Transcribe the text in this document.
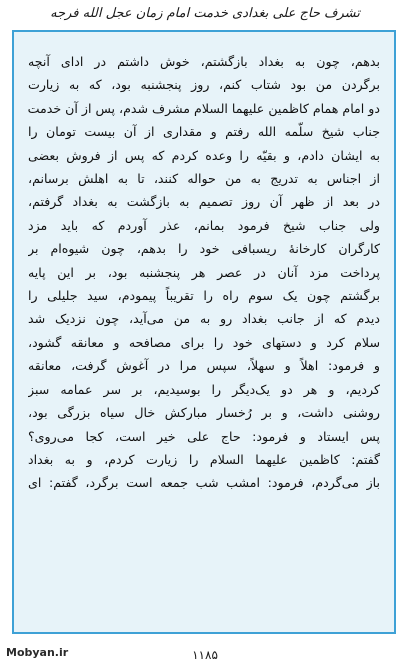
تشرف حاج علی بغدادی خدمت امام زمان عجل الله فرجه
بدهم، چون به بغداد بازگشتم، خوش داشتم در ادای آنچه
برگردن من بود شتاب کنم، روز پنجشنبه بود، که به زیارت
دو امام همام کاظمین علیهما السلام مشرف شدم، پس از آن خدمت
جناب شیخ سلّمه الله رفتم و مقداری از آن بیست تومان را
به ایشان دادم، و بقیّه را وعده کردم که پس از فروش بعضی
از اجناس به تدریج به من حواله کنند، تا به اهلش برسانم،
در بعد از ظهر آن روز تصمیم به بازگشت به بغداد گرفتم،
ولی جناب شیخ فرمود بمانم، عذر آوردم که باید مزد
کارگران کارخانهٔ ریسبافی خود را بدهم، چون شیوه‌ام بر
پرداخت مزد آنان در عصر هر پنجشنبه بود، بر این پایه
برگشتم چون یک سوم راه را تقریباً پیمودم، سید جلیلی را
دیدم که از جانب بغداد رو به من می‌آید، چون نزدیک شد
سلام کرد و دستهای خود را برای مصافحه و معانقه گشود،
و فرمود: اهلاً و سهلاً، سپس مرا در آغوش گرفت، معانقه
کردیم، و هر دو یک‌دیگر را بوسیدیم، بر سر عمامه سبز
روشنی داشت، و بر رُخسار مبارکش خال سیاه بزرگی بود،
پس ایستاد و فرمود: حاج علی خیر است، کجا می‌روی؟
گفتم: کاظمین علیهما السلام را زیارت کردم، و به بغداد
باز می‌گردم، فرمود: امشب شب جمعه است برگرد، گفتم: ای
Mobyan.ir	۱۱۸۵
